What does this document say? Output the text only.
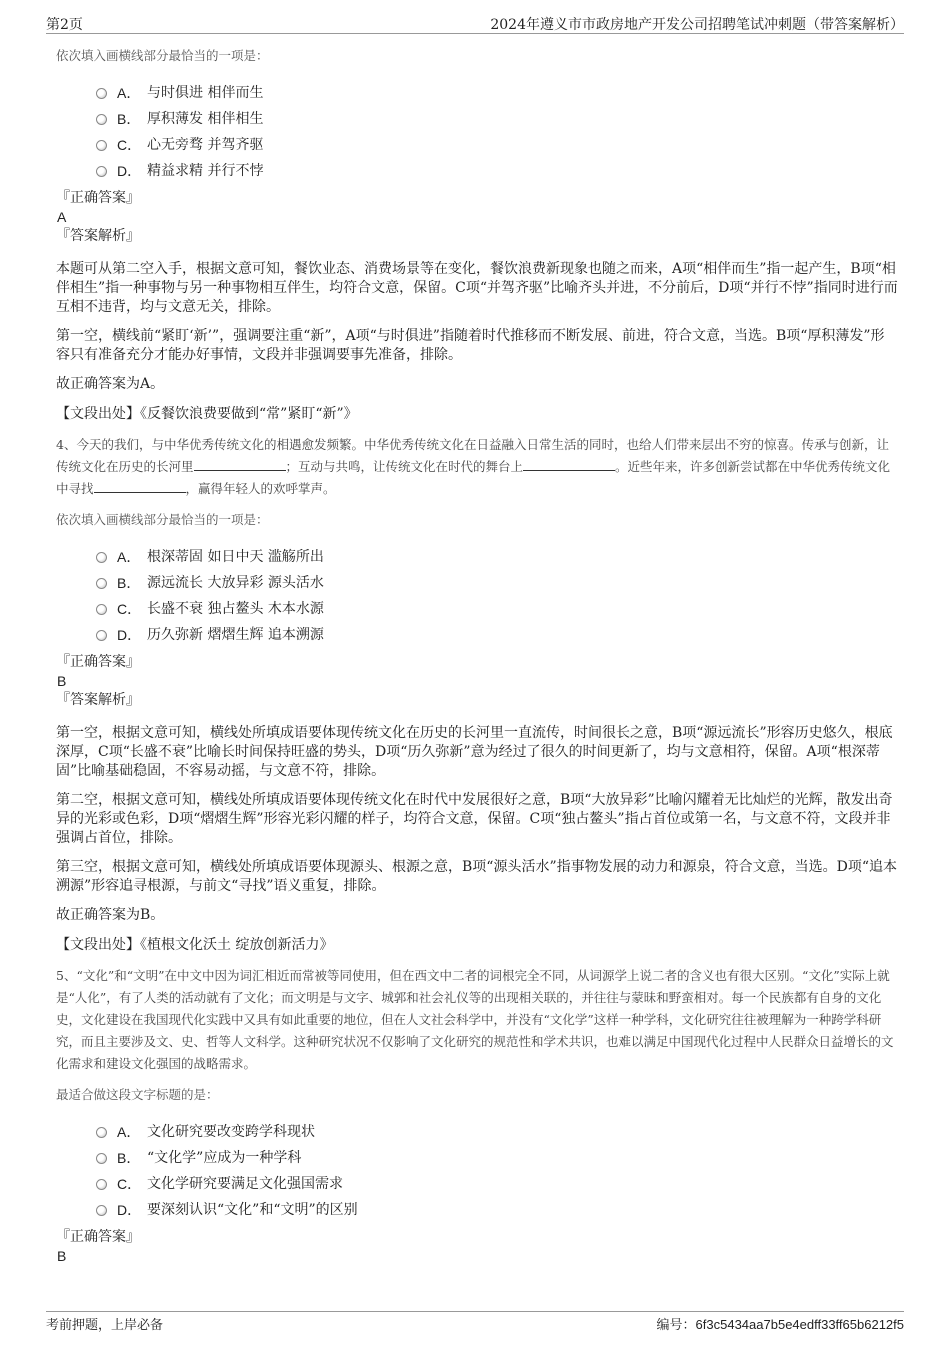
第2页	2024年遵义市市政房地产开发公司招聘笔试冲刺题（带答案解析）

依次填入画横线部分最恰当的一项是：

A． 与时俱进 相伴而生
B． 厚积薄发 相伴相生
C． 心无旁骛 并驾齐驱
D． 精益求精 并行不悖

『正确答案』

A

『答案解析』

本题可从第二空入手，根据文意可知，餐饮业态、消费场景等在变化，餐饮浪费新现象也随之而来，A项“相伴而生”指一起产生，B项“相伴相生”指一种事物与另一种事物相互伴生，均符合文意，保留。C项“并驾齐驱”比喻齐头并进，不分前后，D项“并行不悖”指同时进行而互相不违背，均与文意无关，排除。

第一空，横线前“紧盯‘新’”，强调要注重“新”，A项“与时俱进”指随着时代推移而不断发展、前进，符合文意，当选。B项“厚积薄发”形容只有准备充分才能办好事情，文段并非强调要事先准备，排除。

故正确答案为A。

【文段出处】《反餐饮浪费要做到“常”紧盯“新”》

4、今天的我们，与中华优秀传统文化的相遇愈发频繁。中华优秀传统文化在日益融入日常生活的同时，也给人们带来层出不穷的惊喜。传承与创新，让传统文化在历史的长河里	；互动与共鸣，让传统文化在时代的舞台上	。近些年来，许多创新尝试都在中华优秀传统文化中寻找	，赢得年轻人的欢呼掌声。

依次填入画横线部分最恰当的一项是：

A． 根深蒂固 如日中天 滥觞所出
B． 源远流长 大放异彩 源头活水
C． 长盛不衰 独占鳌头 木本水源
D． 历久弥新 熠熠生辉 追本溯源

『正确答案』

B

『答案解析』

第一空，根据文意可知，横线处所填成语要体现传统文化在历史的长河里一直流传，时间很长之意，B项“源远流长”形容历史悠久，根底深厚，C项“长盛不衰”比喻长时间保持旺盛的势头，D项“历久弥新”意为经过了很久的时间更新了，均与文意相符，保留。A项“根深蒂固”比喻基础稳固，不容易动摇，与文意不符，排除。

第二空，根据文意可知，横线处所填成语要体现传统文化在时代中发展很好之意，B项“大放异彩”比喻闪耀着无比灿烂的光辉，散发出奇异的光彩或色彩，D项“熠熠生辉”形容光彩闪耀的样子，均符合文意，保留。C项“独占鳌头”指占首位或第一名，与文意不符，文段并非强调占首位，排除。

第三空，根据文意可知，横线处所填成语要体现源头、根源之意，B项“源头活水”指事物发展的动力和源泉，符合文意，当选。D项“追本溯源”形容追寻根源，与前文“寻找”语义重复，排除。

故正确答案为B。

【文段出处】《植根文化沃土 绽放创新活力》

5、“文化”和“文明”在中文中因为词汇相近而常被等同使用，但在西文中二者的词根完全不同，从词源学上说二者的含义也有很大区别。“文化”实际上就是“人化”，有了人类的活动就有了文化；而文明是与文字、城郭和社会礼仪等的出现相关联的，并往往与蒙昧和野蛮相对。每一个民族都有自身的文化史，文化建设在我国现代化实践中又具有如此重要的地位，但在人文社会科学中，并没有“文化学”这样一种学科，文化研究往往被理解为一种跨学科研究，而且主要涉及文、史、哲等人文科学。这种研究状况不仅影响了文化研究的规范性和学术共识，也难以满足中国现代化过程中人民群众日益增长的文化需求和建设文化强国的战略需求。

最适合做这段文字标题的是：

A． 文化研究要改变跨学科现状
B． “文化学”应成为一种学科
C． 文化学研究要满足文化强国需求
D． 要深刻认识“文化”和“文明”的区别

『正确答案』

B

考前押题，上岸必备	编号：6f3c5434aa7b5e4edff33ff65b6212f5
